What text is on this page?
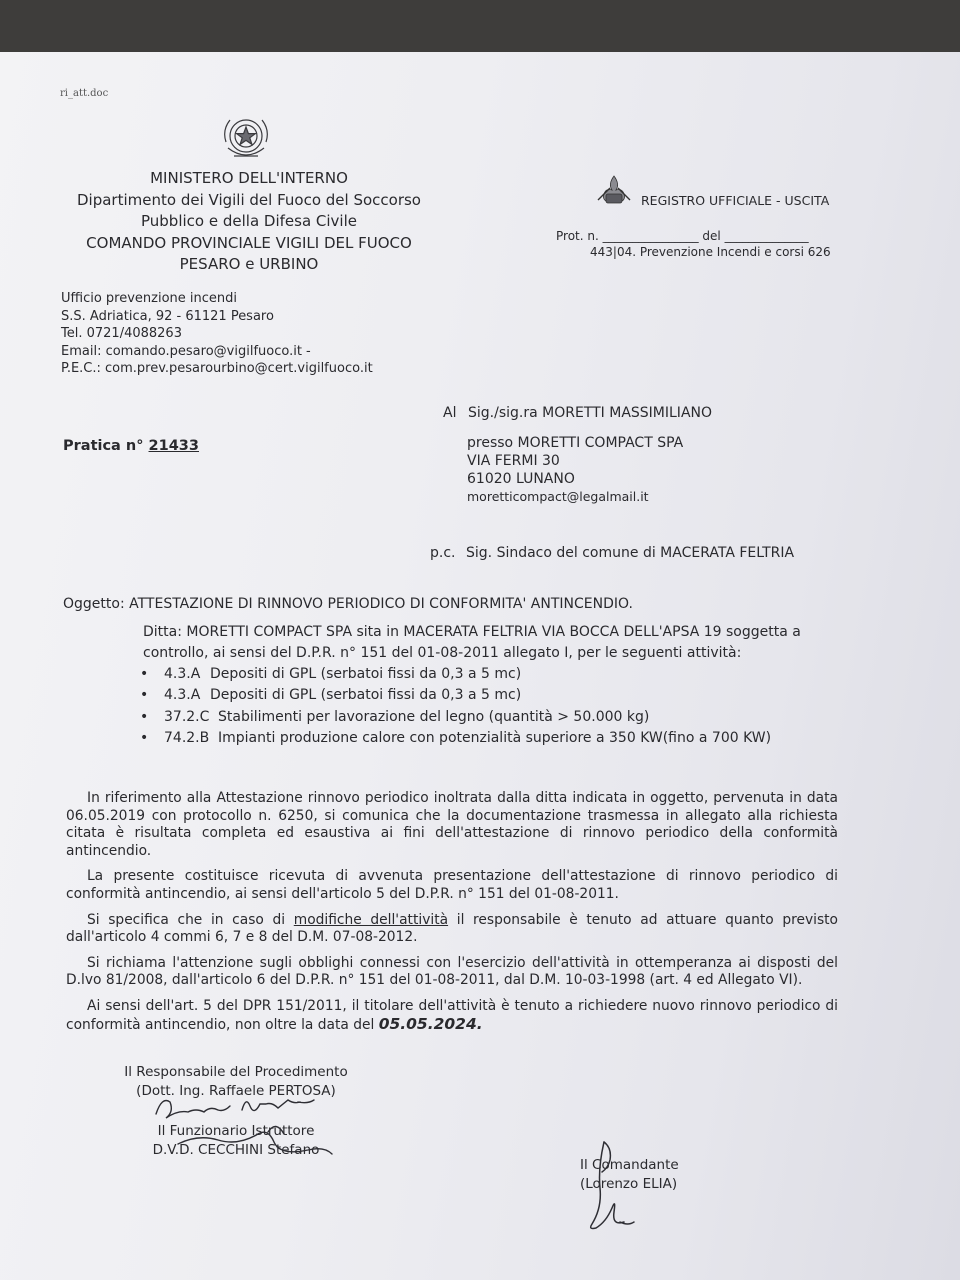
ri_att.doc
MINISTERO DELL'INTERNO
Dipartimento dei Vigili del Fuoco del Soccorso
Pubblico e della Difesa Civile
COMANDO PROVINCIALE VIGILI DEL FUOCO
PESARO e URBINO
REGISTRO UFFICIALE - USCITA
Prot. n. ________________ del ______________
443|04. Prevenzione Incendi e corsi 626
Ufficio prevenzione incendi
S.S. Adriatica, 92 - 61121 Pesaro
Tel. 0721/4088263
Email: comando.pesaro@vigilfuoco.it -
P.E.C.: com.prev.pesarourbino@cert.vigilfuoco.it
Al Sig./sig.ra MORETTI MASSIMILIANO
Pratica n° 21433	presso MORETTI COMPACT SPA
VIA FERMI 30
61020 LUNANO
moretticompact@legalmail.it
p.c. Sig. Sindaco del comune di MACERATA FELTRIA
Oggetto: ATTESTAZIONE DI RINNOVO PERIODICO DI CONFORMITA' ANTINCENDIO.
Ditta: MORETTI COMPACT SPA sita in MACERATA FELTRIA VIA BOCCA DELL'APSA 19 soggetta a
controllo, ai sensi del D.P.R. n° 151 del 01-08-2011 allegato I, per le seguenti attività:
• 4.3.A Depositi di GPL (serbatoi fissi da 0,3 a 5 mc)
• 4.3.A Depositi di GPL (serbatoi fissi da 0,3 a 5 mc)
• 37.2.C Stabilimenti per lavorazione del legno (quantità > 50.000 kg)
• 74.2.B Impianti produzione calore con potenzialità superiore a 350 KW(fino a 700 KW)

In riferimento alla Attestazione rinnovo periodico inoltrata dalla ditta indicata in oggetto, pervenuta in data 06.05.2019 con protocollo n. 6250, si comunica che la documentazione trasmessa in allegato alla richiesta citata è risultata completa ed esaustiva ai fini dell'attestazione di rinnovo periodico della conformità antincendio.

La presente costituisce ricevuta di avvenuta presentazione dell'attestazione di rinnovo periodico di conformità antincendio, ai sensi dell'articolo 5 del D.P.R. n° 151 del 01-08-2011.

Si specifica che in caso di modifiche dell'attività il responsabile è tenuto ad attuare quanto previsto dall'articolo 4 commi 6, 7 e 8 del D.M. 07-08-2012.

Si richiama l'attenzione sugli obblighi connessi con l'esercizio dell'attività in ottemperanza ai disposti del D.lvo 81/2008, dall'articolo 6 del D.P.R. n° 151 del 01-08-2011, dal D.M. 10-03-1998 (art. 4 ed Allegato VI).

Ai sensi dell'art. 5 del DPR 151/2011, il titolare dell'attività è tenuto a richiedere nuovo rinnovo periodico di conformità antincendio, non oltre la data del 05.05.2024.

Il Responsabile del Procedimento
(Dott. Ing. Raffaele PERTOSA)
Il Funzionario Istruttore
D.V.D. CECCHINI Stefano
Il Comandante
(Lorenzo ELIA)
